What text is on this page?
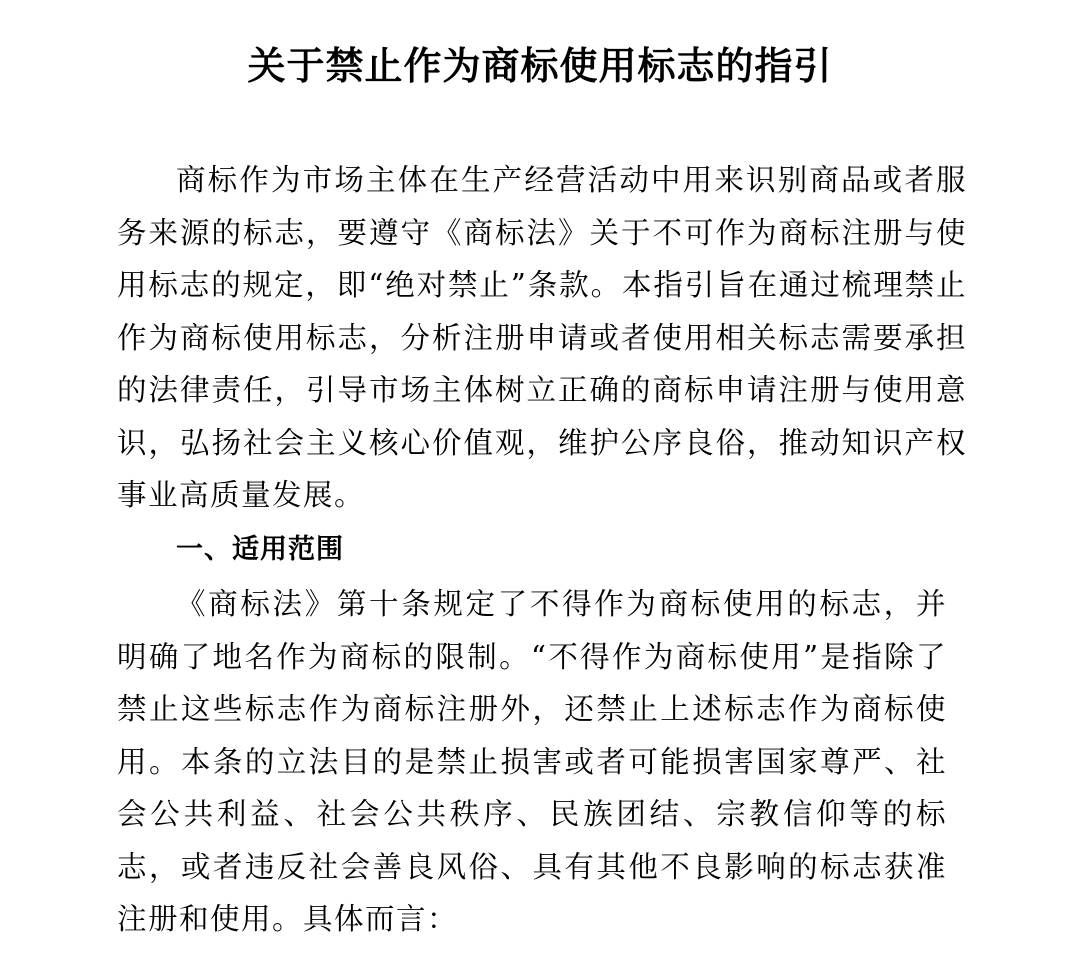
关于禁止作为商标使用标志的指引

商标作为市场主体在生产经营活动中用来识别商品或者服务来源的标志，要遵守《商标法》关于不可作为商标注册与使用标志的规定，即“绝对禁止”条款。本指引旨在通过梳理禁止作为商标使用标志，分析注册申请或者使用相关标志需要承担的法律责任，引导市场主体树立正确的商标申请注册与使用意识，弘扬社会主义核心价值观，维护公序良俗，推动知识产权事业高质量发展。

一、适用范围

《商标法》第十条规定了不得作为商标使用的标志，并明确了地名作为商标的限制。“不得作为商标使用”是指除了禁止这些标志作为商标注册外，还禁止上述标志作为商标使用。本条的立法目的是禁止损害或者可能损害国家尊严、社会公共利益、社会公共秩序、民族团结、宗教信仰等的标志，或者违反社会善良风俗、具有其他不良影响的标志获准注册和使用。具体而言：
